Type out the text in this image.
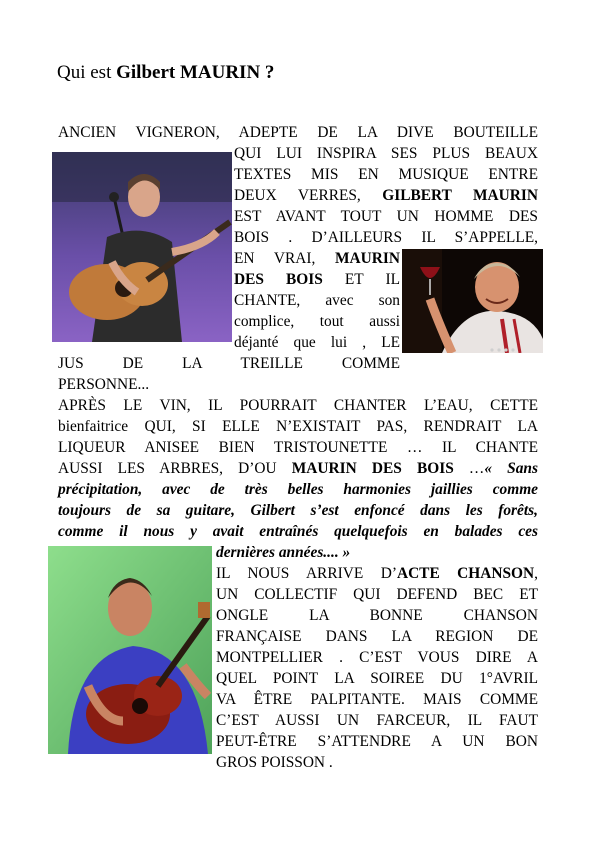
Qui est Gilbert MAURIN ?
ANCIEN VIGNERON, ADEPTE DE LA DIVE BOUTEILLE
QUI LUI INSPIRA SES PLUS BEAUX
TEXTES MIS EN MUSIQUE ENTRE
DEUX VERRES, GILBERT MAURIN
EST AVANT TOUT UN HOMME DES
BOIS . D’AILLEURS IL S’APPELLE,
EN VRAI, MAURIN
DES BOIS ET IL
CHANTE, avec son
complice, tout aussi
déjanté que lui , LE
JUS DE LA TREILLE COMME
PERSONNE...
APRÈS LE VIN, IL POURRAIT CHANTER L’EAU, CETTE
bienfaitrice QUI, SI ELLE N’EXISTAIT PAS, RENDRAIT LA
LIQUEUR ANISEE BIEN TRISTOUNETTE … IL CHANTE
AUSSI LES ARBRES, D’OU MAURIN DES BOIS …« Sans
précipitation, avec de très belles harmonies jaillies comme
toujours de sa guitare, Gilbert s’est enfoncé dans les forêts,
comme il nous y avait entraînés quelquefois en balades ces
dernières années.... »
IL NOUS ARRIVE D’ACTE CHANSON,
UN COLLECTIF QUI DEFEND BEC ET
ONGLE LA BONNE CHANSON
FRANÇAISE DANS LA REGION DE
MONTPELLIER . C’EST VOUS DIRE A
QUEL POINT LA SOIREE DU 1°AVRIL
VA ÊTRE PALPITANTE. MAIS COMME
C’EST AUSSI UN FARCEUR, IL FAUT
PEUT-ÊTRE S’ATTENDRE A UN BON
GROS POISSON .
